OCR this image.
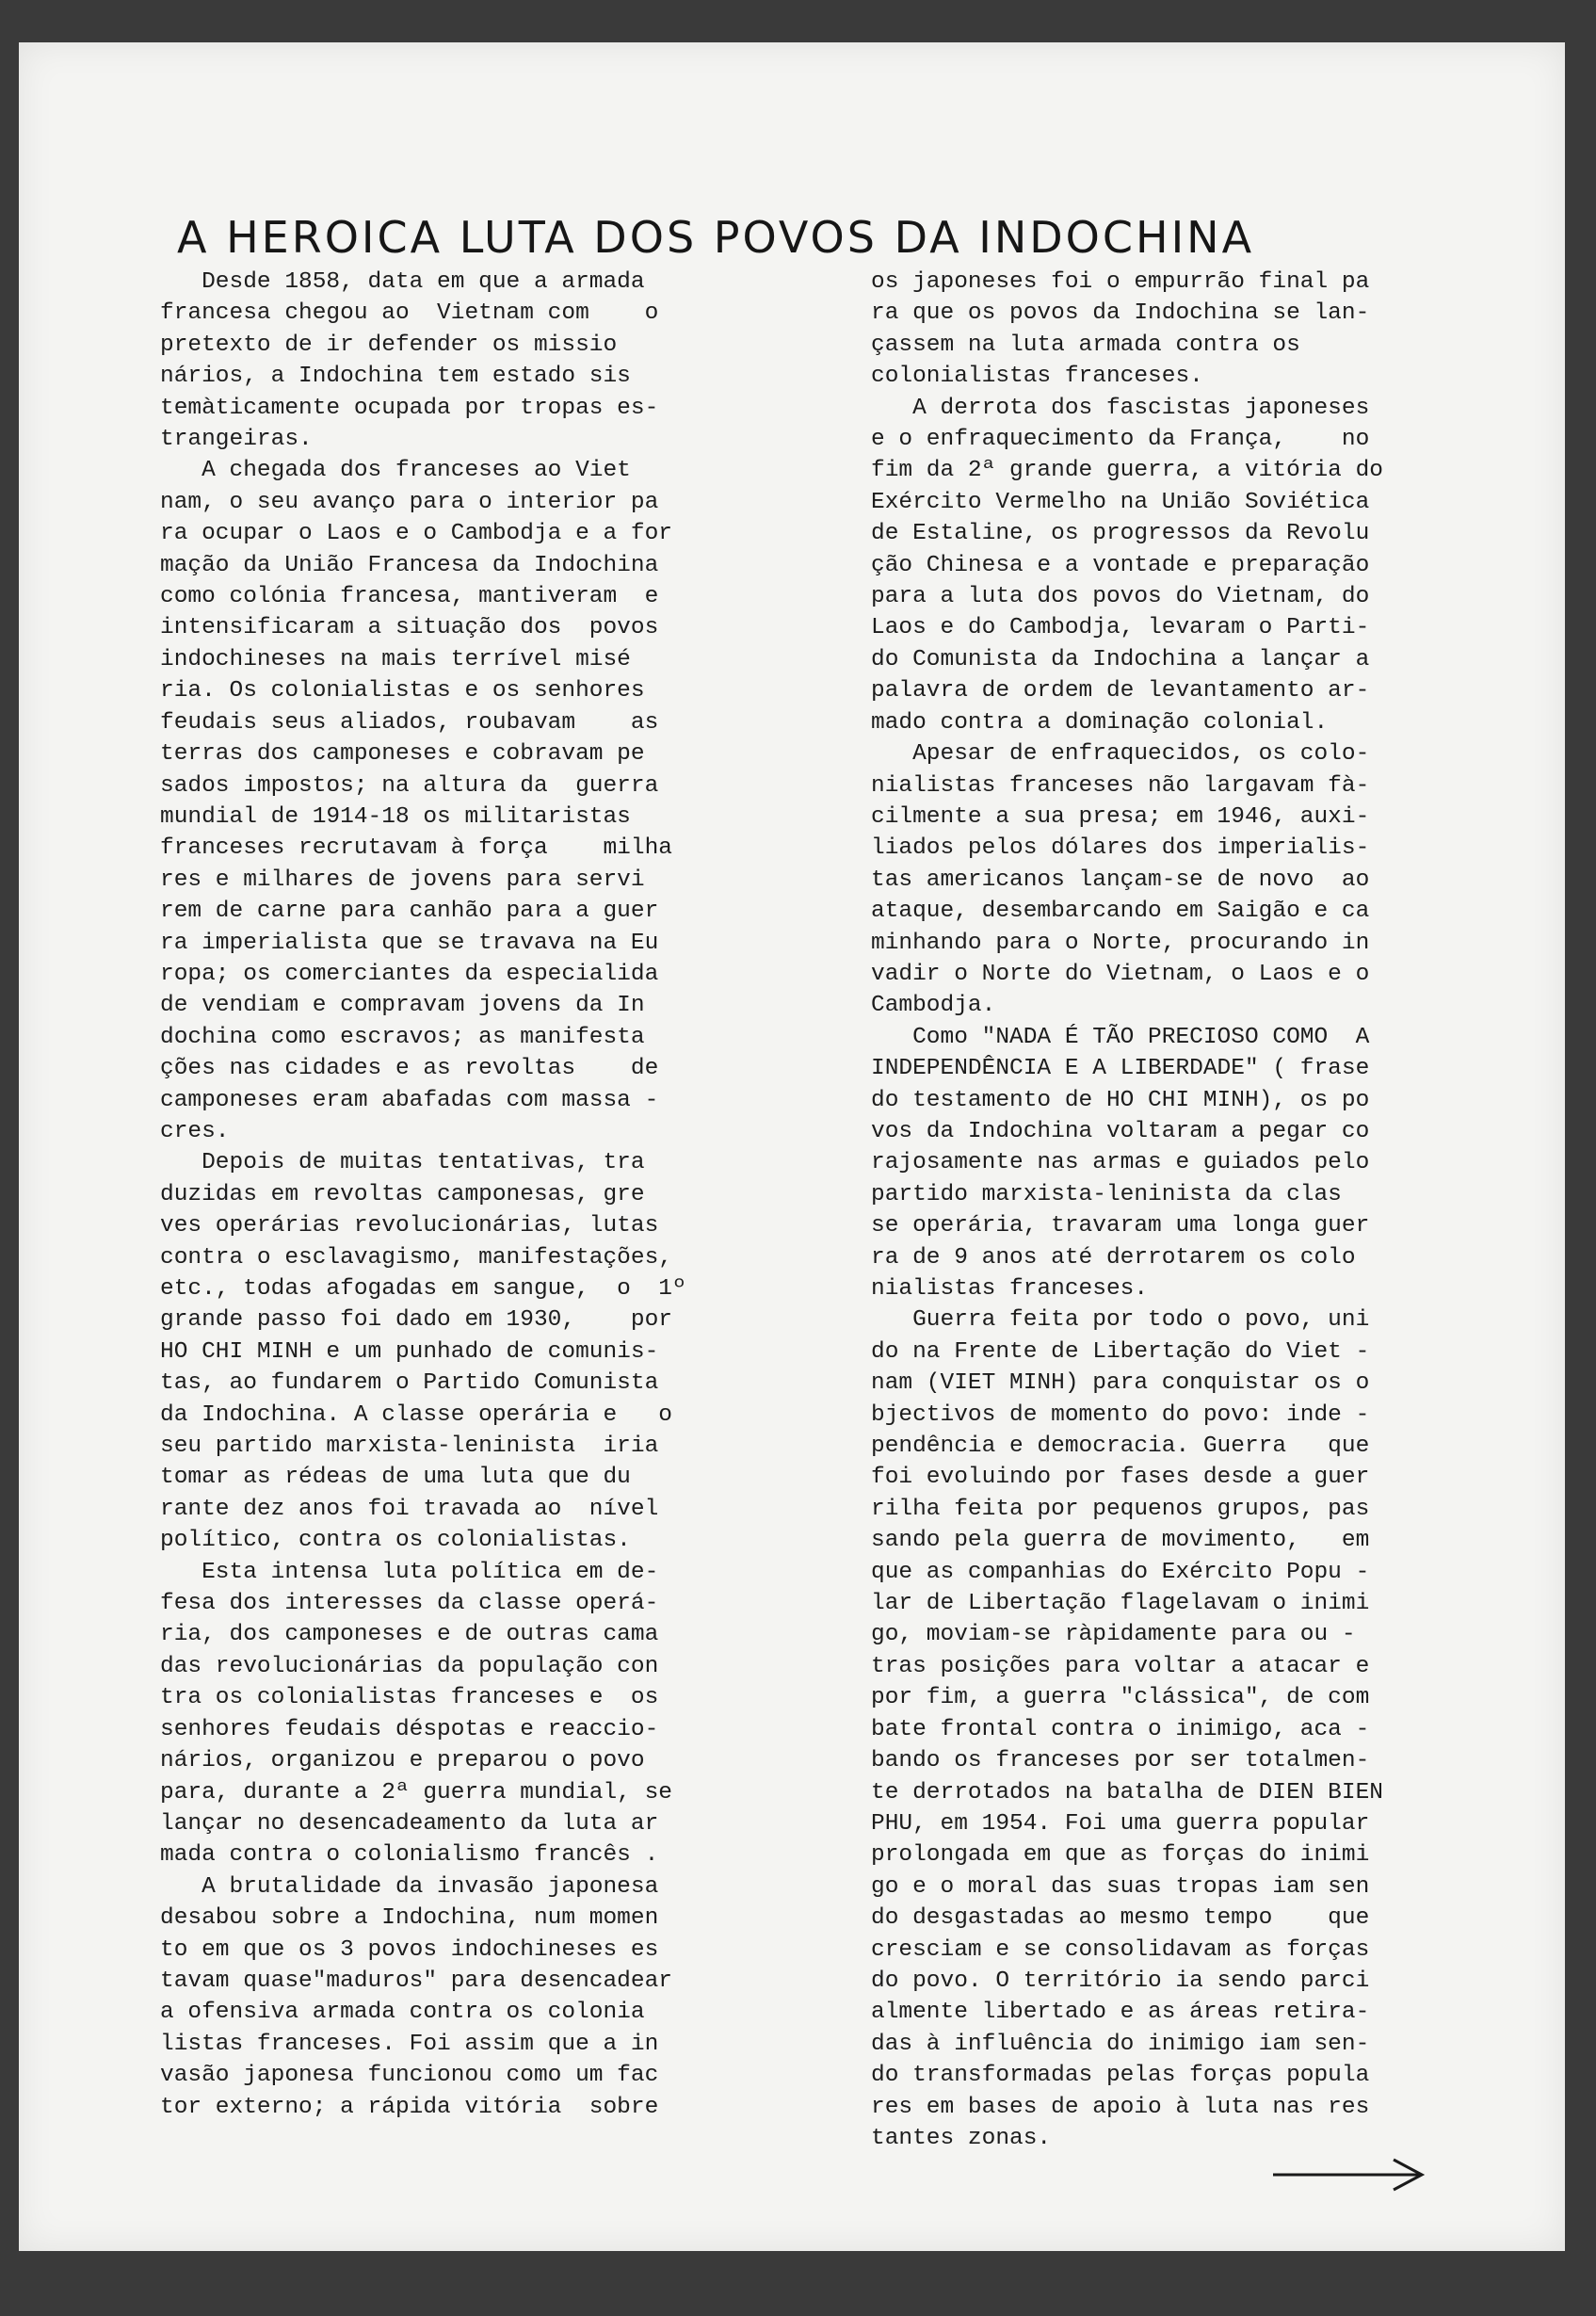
A HEROICA LUTA DOS POVOS DA INDOCHINA

Desde 1858, data em que a armada

francesa chegou ao  Vietnam com    o

pretexto de ir defender os missio

nários, a Indochina tem estado sis

temàticamente ocupada por tropas es-

trangeiras.

A chegada dos franceses ao Viet

nam, o seu avanço para o interior pa

ra ocupar o Laos e o Cambodja e a for

mação da União Francesa da Indochina

como colónia francesa, mantiveram  e

intensificaram a situação dos  povos

indochineses na mais terrível misé

ria. Os colonialistas e os senhores

feudais seus aliados, roubavam    as

terras dos camponeses e cobravam pe

sados impostos; na altura da  guerra

mundial de 1914-18 os militaristas

franceses recrutavam à força    milha

res e milhares de jovens para servi

rem de carne para canhão para a guer

ra imperialista que se travava na Eu

ropa; os comerciantes da especialida

de vendiam e compravam jovens da In

dochina como escravos; as manifesta

ções nas cidades e as revoltas    de

camponeses eram abafadas com massa -

cres.

Depois de muitas tentativas, tra

duzidas em revoltas camponesas, gre

ves operárias revolucionárias, lutas

contra o esclavagismo, manifestações,

etc., todas afogadas em sangue,  o  1º

grande passo foi dado em 1930,    por

HO CHI MINH e um punhado de comunis-

tas, ao fundarem o Partido Comunista

da Indochina. A classe operária e   o

seu partido marxista-leninista  iria

tomar as rédeas de uma luta que du

rante dez anos foi travada ao  nível

político, contra os colonialistas.

Esta intensa luta política em de-

fesa dos interesses da classe operá-

ria, dos camponeses e de outras cama

das revolucionárias da população con

tra os colonialistas franceses e  os

senhores feudais déspotas e reaccio-

nários, organizou e preparou o povo

para, durante a 2ª guerra mundial, se

lançar no desencadeamento da luta ar

mada contra o colonialismo francês .

A brutalidade da invasão japonesa

desabou sobre a Indochina, num momen

to em que os 3 povos indochineses es

tavam quase"maduros" para desencadear

a ofensiva armada contra os colonia

listas franceses. Foi assim que a in

vasão japonesa funcionou como um fac

tor externo; a rápida vitória  sobre

os japoneses foi o empurrão final pa

ra que os povos da Indochina se lan-

çassem na luta armada contra os

colonialistas franceses.

A derrota dos fascistas japoneses

e o enfraquecimento da França,    no

fim da 2ª grande guerra, a vitória do

Exército Vermelho na União Soviética

de Estaline, os progressos da Revolu

ção Chinesa e a vontade e preparação

para a luta dos povos do Vietnam, do

Laos e do Cambodja, levaram o Parti-

do Comunista da Indochina a lançar a

palavra de ordem de levantamento ar-

mado contra a dominação colonial.

Apesar de enfraquecidos, os colo-

nialistas franceses não largavam fà-

cilmente a sua presa; em 1946, auxi-

liados pelos dólares dos imperialis-

tas americanos lançam-se de novo  ao

ataque, desembarcando em Saigão e ca

minhando para o Norte, procurando in

vadir o Norte do Vietnam, o Laos e o

Cambodja.

Como "NADA É TÃO PRECIOSO COMO  A

INDEPENDÊNCIA E A LIBERDADE" ( frase

do testamento de HO CHI MINH), os po

vos da Indochina voltaram a pegar co

rajosamente nas armas e guiados pelo

partido marxista-leninista da clas

se operária, travaram uma longa guer

ra de 9 anos até derrotarem os colo

nialistas franceses.

Guerra feita por todo o povo, uni

do na Frente de Libertação do Viet -

nam (VIET MINH) para conquistar os o

bjectivos de momento do povo: inde -

pendência e democracia. Guerra   que

foi evoluindo por fases desde a guer

rilha feita por pequenos grupos, pas

sando pela guerra de movimento,   em

que as companhias do Exército Popu -

lar de Libertação flagelavam o inimi

go, moviam-se ràpidamente para ou -

tras posições para voltar a atacar e

por fim, a guerra "clássica", de com

bate frontal contra o inimigo, aca -

bando os franceses por ser totalmen-

te derrotados na batalha de DIEN BIEN

PHU, em 1954. Foi uma guerra popular

prolongada em que as forças do inimi

go e o moral das suas tropas iam sen

do desgastadas ao mesmo tempo    que

cresciam e se consolidavam as forças

do povo. O território ia sendo parci

almente libertado e as áreas retira-

das à influência do inimigo iam sen-

do transformadas pelas forças popula

res em bases de apoio à luta nas res

tantes zonas.
